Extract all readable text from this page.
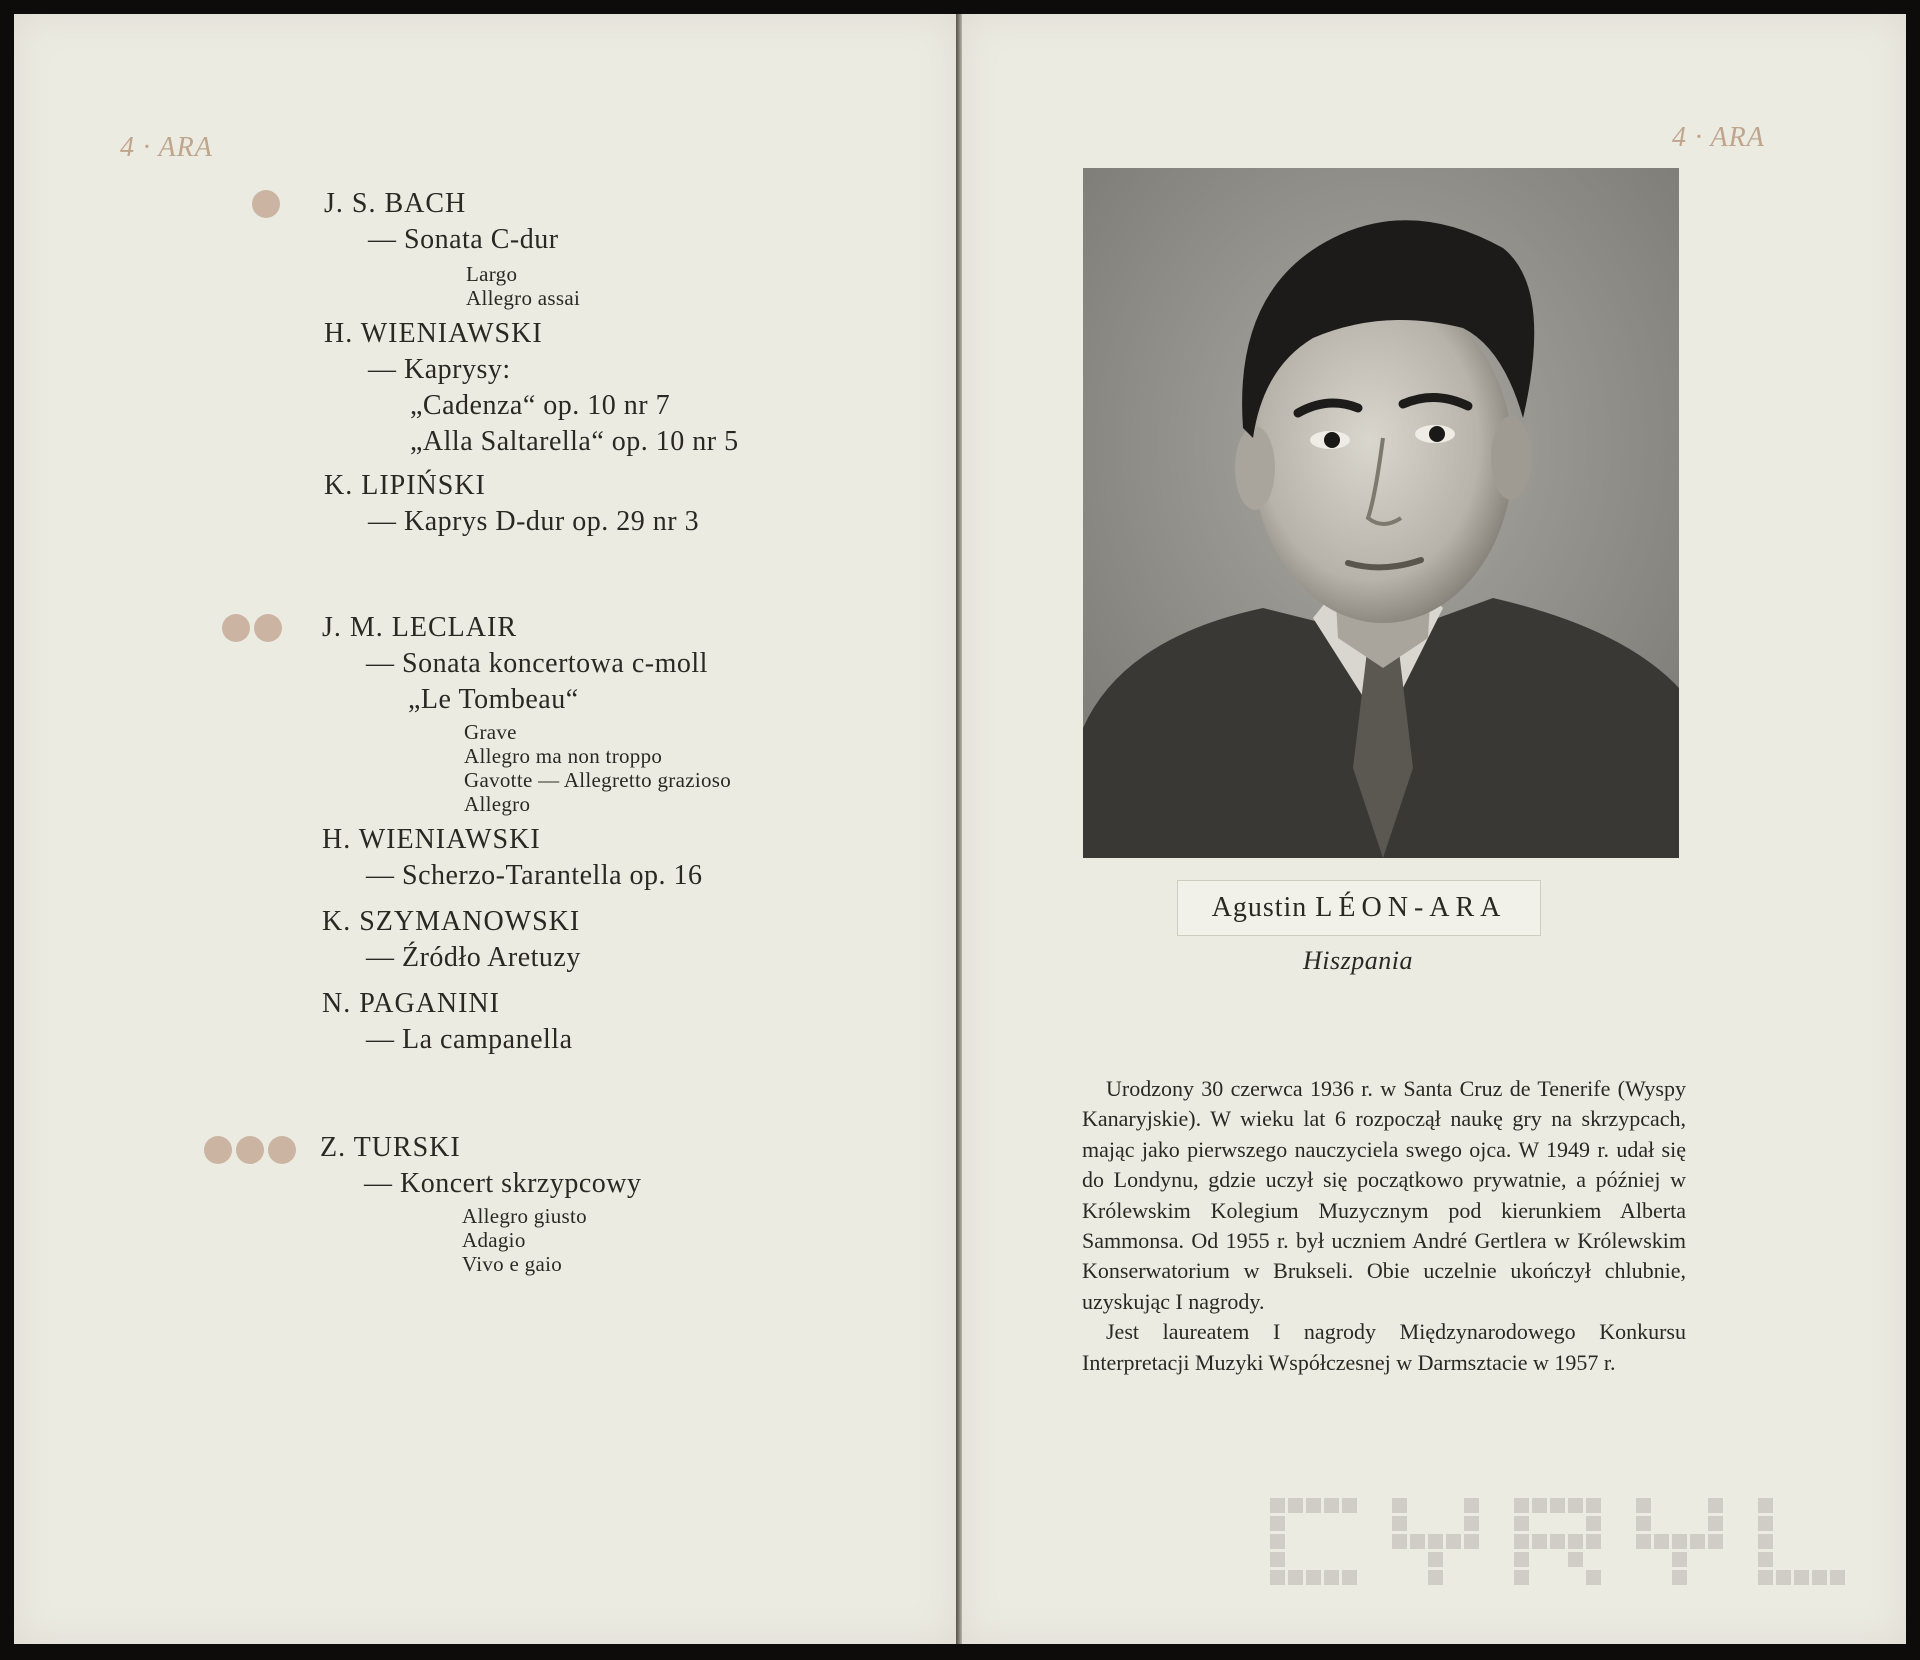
4 · ARA
J. S. BACH
— Sonata C-dur
Largo
Allegro assai
H. WIENIAWSKI
— Kaprysy:
„Cadenza“ op. 10 nr 7
„Alla Saltarella“ op. 10 nr 5
K. LIPIŃSKI
— Kaprys D-dur op. 29 nr 3
J. M. LECLAIR
— Sonata koncertowa c-moll
„Le Tombeau“
Grave
Allegro ma non troppo
Gavotte — Allegretto grazioso
Allegro
H. WIENIAWSKI
— Scherzo-Tarantella op. 16
K. SZYMANOWSKI
— Źródło Aretuzy
N. PAGANINI
— La campanella
Z. TURSKI
— Koncert skrzypcowy
Allegro giusto
Adagio
Vivo e gaio
4 · ARA
Agustin LÉON-ARA
Hiszpania

Urodzony 30 czerwca 1936 r. w Santa Cruz de Tenerife (Wyspy Kanaryjskie). W wieku lat 6 rozpoczął naukę gry na skrzypcach, mając jako pierwszego nauczyciela swego ojca. W 1949 r. udał się do Londynu, gdzie uczył się początkowo prywatnie, a później w Królewskim Kolegium Muzycznym pod kierunkiem Alberta Sammonsa. Od 1955 r. był uczniem André Gertlera w Królewskim Konserwatorium w Brukseli. Obie uczelnie ukończył chlubnie, uzyskując I nagrody.

Jest laureatem I nagrody Międzynarodowego Konkursu Interpretacji Muzyki Współczesnej w Darmsztacie w 1957 r.
